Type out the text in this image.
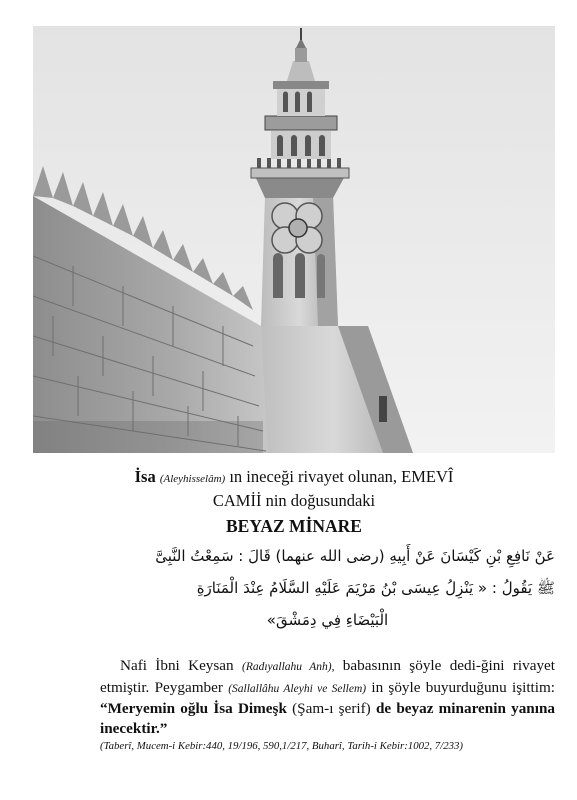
İsa (Aleyhisselâm) ın ineceği rivayet olunan, EMEVÎ
CAMİİ nin doğusundaki
BEYAZ MİNARE
عَنْ نَافِعِ بْنِ كَيْسَانَ عَنْ أَبِيهِ (رضى الله عنهما) قَالَ : سَمِعْتُ النَّبِىَّ
ﷺ يَقُولُ : « يَنْزِلُ عِيسَى بْنُ مَرْيَمَ عَلَيْهِ السَّلَامُ عِنْدَ الْمَنَارَةِ
الْبَيْضَاءِ فِي دِمَشْقَ»
Nafi İbni Keysan (Radıyallahu Anh), babasının şöyle dedi-ğini rivayet etmiştir. Peygamber (Sallallâhu Aleyhi ve Sellem) in şöyle buyurduğunu işittim: “Meryemin oğlu İsa Dimeşk (Şam-ı şerif) de beyaz minarenin yanına inecektir.”
(Taberî, Mucem-i Kebir:440, 19/196, 590,1/217, Buharî, Tarih-i Kebir:1002, 7/233)
